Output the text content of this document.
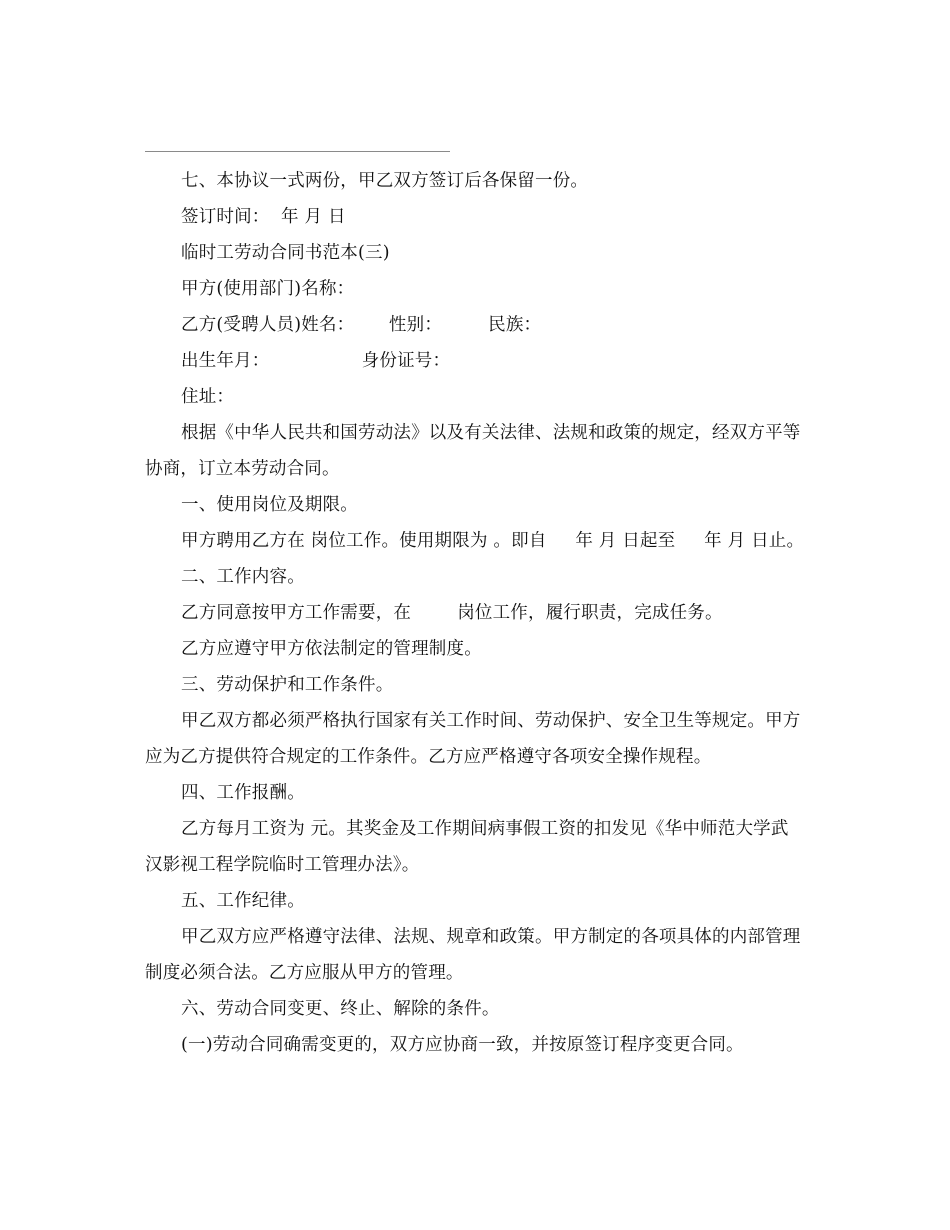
七、本协议一式两份，甲乙双方签订后各保留一份。

签订时间：  年 月 日

临时工劳动合同书范本(三)

甲方(使用部门)名称：

乙方(受聘人员)姓名：      性别：        民族：

出生年月：                身份证号：

住址：

根据《中华人民共和国劳动法》以及有关法律、法规和政策的规定，经双方平等协商，订立本劳动合同。

一、使用岗位及期限。

甲方聘用乙方在 岗位工作。使用期限为 。即自     年 月 日起至     年 月 日止。

二、工作内容。

乙方同意按甲方工作需要，在        岗位工作，履行职责，完成任务。

乙方应遵守甲方依法制定的管理制度。

三、劳动保护和工作条件。

甲乙双方都必须严格执行国家有关工作时间、劳动保护、安全卫生等规定。甲方应为乙方提供符合规定的工作条件。乙方应严格遵守各项安全操作规程。

四、工作报酬。

乙方每月工资为 元。其奖金及工作期间病事假工资的扣发见《华中师范大学武汉影视工程学院临时工管理办法》。

五、工作纪律。

甲乙双方应严格遵守法律、法规、规章和政策。甲方制定的各项具体的内部管理制度必须合法。乙方应服从甲方的管理。

六、劳动合同变更、终止、解除的条件。

(一)劳动合同确需变更的，双方应协商一致，并按原签订程序变更合同。
